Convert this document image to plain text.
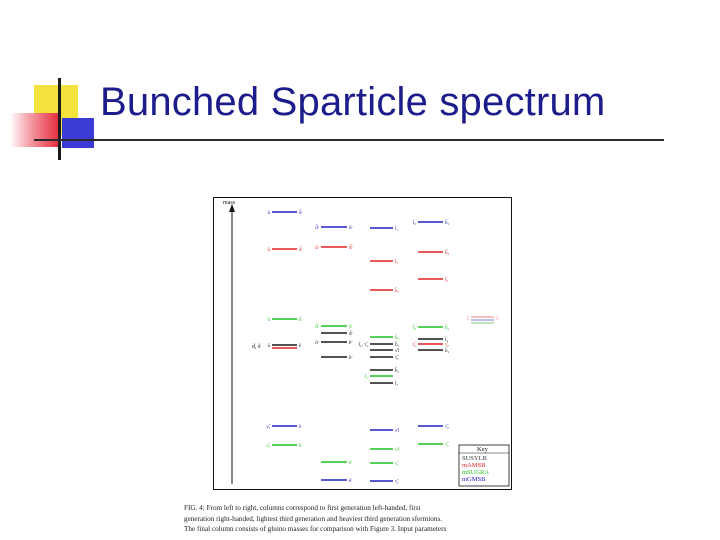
Bunched Sparticle spectrum
mass
d, ẽ
ũ	d̃
ũ	d̃
ũ	d̃
ũ	ẽ
ν̃ₑ	ẽ
ν̃ₑ	ẽ
d̃ᶜ	ũᶜ
ũᶜ	d̃ᶜ
d̃ᶜ	ũᶜ
d̃ᶜ
ũᶜ	ẽᶜ
ẽᶜ
ẽᶜ
ẽᶜ
t̃₁
t̃₁
b̃₁
b̃₁
t̃₁, τ̃₁	b̃₁
ν̃τ
τ̃₁
b̃₁
t̃₁
t̃₁
ν̃τ
ν̃τ
τ̃₁
τ̃₁
t̃₂	b̃₂
b̃₂
t̃₂
t̃₂	b̃₂
t̃₂
τ̃₂	τ̃₂
b̃₂
τ̃₂
τ̃₂
g̃	g̃
Key
SUSYLR
mAMSB
mSUGRA
mGMSB

FIG. 4: From left to right, columns correspond to first generation left-handed, first
generation right-handed, lightest third generation and heaviest third generation sfermions.
The final column consists of gluino masses for comparison with Figure 3. Input parameters
